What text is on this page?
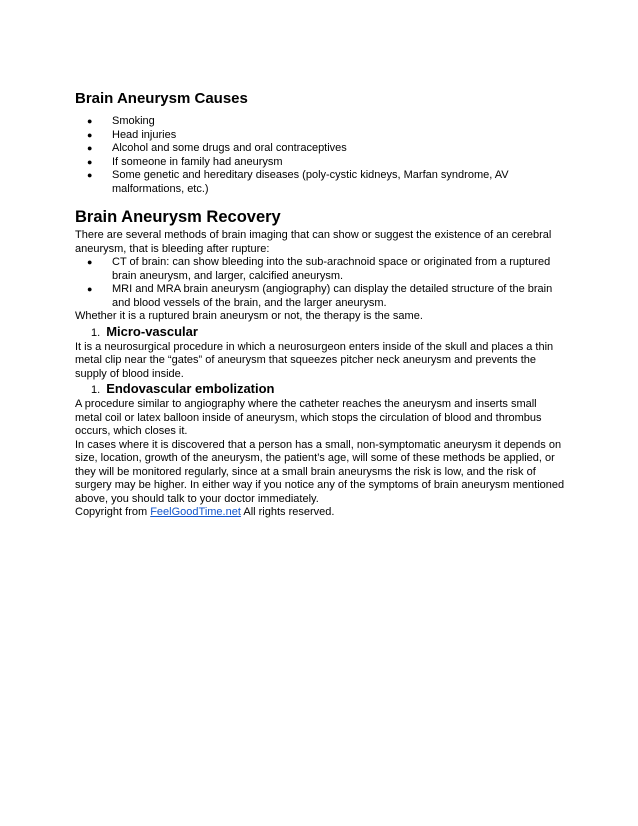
Brain Aneurysm Causes
● Smoking
● Head injuries
● Alcohol and some drugs and oral contraceptives
● If someone in family had aneurysm
● Some genetic and hereditary diseases (poly-cystic kidneys, Marfan syndrome, AV malformations, etc.)
Brain Aneurysm Recovery

There are several methods of brain imaging that can show or suggest the existence of an cerebral aneurysm, that is bleeding after rupture:

● CT of brain: can show bleeding into the sub-arachnoid space or originated from a ruptured brain aneurysm, and larger, calcified aneurysm.
● MRI and MRA brain aneurysm (angiography) can display the detailed structure of the brain and blood vessels of the brain, and the larger aneurysm.

Whether it is a ruptured brain aneurysm or not, the therapy is the same.

1. Micro-vascular

It is a neurosurgical procedure in which a neurosurgeon enters inside of the skull and places a thin metal clip near the “gates” of aneurysm that squeezes pitcher neck aneurysm and prevents the supply of blood inside.

1. Endovascular embolization

A procedure similar to angiography where the catheter reaches the aneurysm and inserts small metal coil or latex balloon inside of aneurysm, which stops the circulation of blood and thrombus occurs, which closes it.

In cases where it is discovered that a person has a small, non-symptomatic aneurysm it depends on size, location, growth of the aneurysm, the patient’s age, will some of these methods be applied, or they will be monitored regularly, since at a small brain aneurysms the risk is low, and the risk of surgery may be higher. In either way if you notice any of the symptoms of brain aneurysm mentioned above, you should talk to your doctor immediately.

Copyright from FeelGoodTime.net All rights reserved.
